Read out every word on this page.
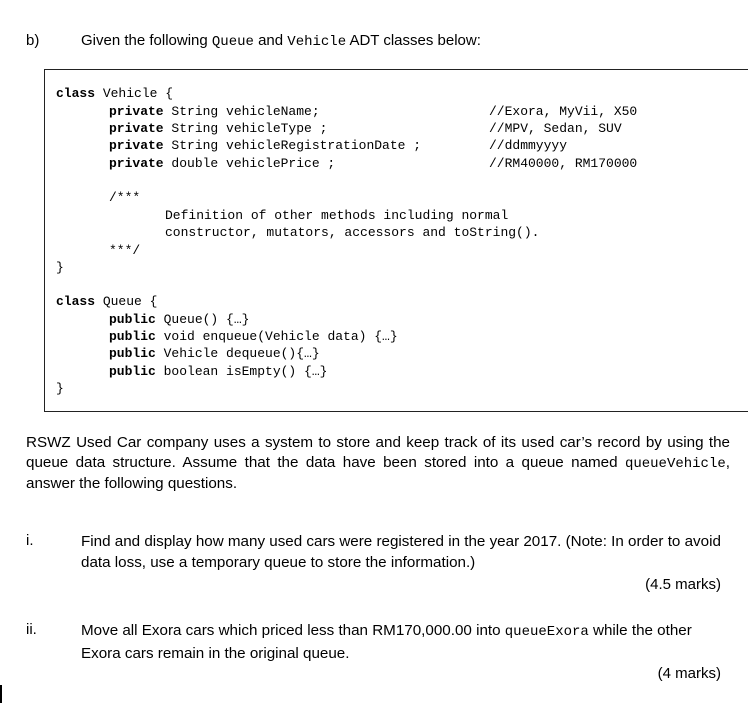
b)	Given the following Queue and Vehicle ADT classes below:
class Vehicle {
private String vehicleName;	//Exora, MyVii, X50
private String vehicleType ;	//MPV, Sedan, SUV
private String vehicleRegistrationDate ;	//ddmmyyyy
private double vehiclePrice ;	//RM40000, RM170000
/***
Definition of other methods including normal
constructor, mutators, accessors and toString().
***/
}
class Queue {
public Queue() {…}
public void enqueue(Vehicle data) {…}
public Vehicle dequeue(){…}
public boolean isEmpty() {…}
}
RSWZ Used Car company uses a system to store and keep track of its used car’s record by using the queue data structure. Assume that the data have been stored into a queue named queueVehicle, answer the following questions.
i.	Find and display how many used cars were registered in the year 2017. (Note: In order to avoid data loss, use a temporary queue to store the information.)
(4.5 marks)
ii.	Move all Exora cars which priced less than RM170,000.00 into queueExora while the other Exora cars remain in the original queue.
(4 marks)
